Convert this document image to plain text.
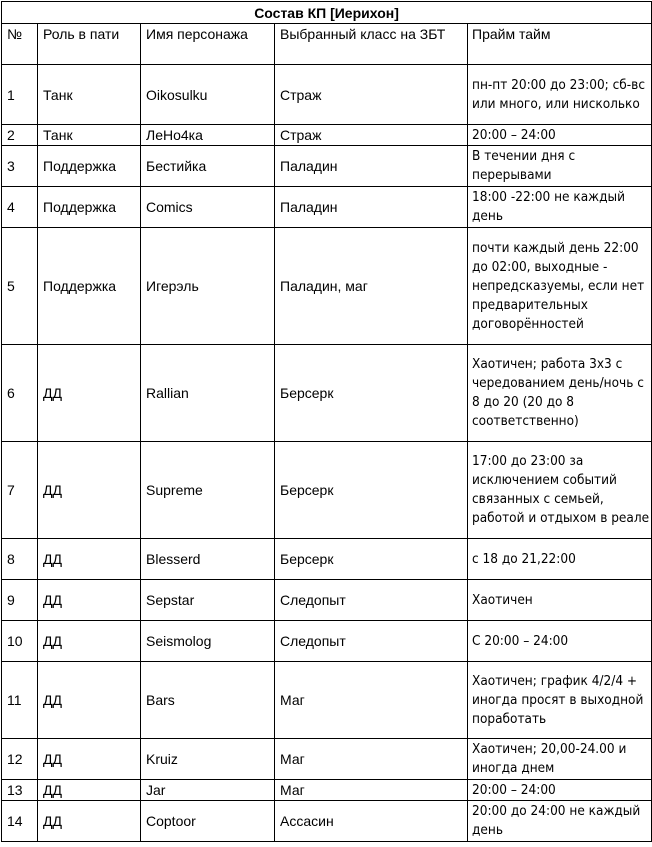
Состав КП [Иерихон]				
№	Роль в пати	Имя персонажа	Выбранный класс на ЗБТ	Прайм тайм
1	Танк	Oikosulku	Страж	пн-пт 20:00 до 23:00; сб-вс или много, или нисколько
2	Танк	ЛеНо4ка	Страж	20:00 – 24:00
3	Поддержка	Бестийка	Паладин	В течении дня с перерывами
4	Поддержка	Comics	Паладин	18:00 -22:00 не каждый день
5	Поддержка	Игерэль	Паладин, маг	почти каждый день 22:00 до 02:00, выходные - непредсказуемы, если нет предварительных договорённостей
6	ДД	Rallian	Берсерк	Хаотичен; работа 3х3 с чередованием день/ночь с 8 до 20 (20 до 8 соответственно)
7	ДД	Supreme	Берсерк	17:00 до 23:00 за исключением событий связанных с семьей, работой и отдыхом в реале
8	ДД	Blesserd	Берсерк	с 18 до 21,22:00
9	ДД	Sepstar	Следопыт	Хаотичен
10	ДД	Seismolog	Следопыт	С 20:00 – 24:00
11	ДД	Bars	Маг	Хаотичен; график 4/2/4 + иногда просят в выходной поработать
12	ДД	Kruiz	Маг	Хаотичен; 20,00-24.00 и иногда днем
13	ДД	Jar	Маг	20:00 – 24:00
14	ДД	Coptoor	Ассасин	20:00 до 24:00 не каждый день
